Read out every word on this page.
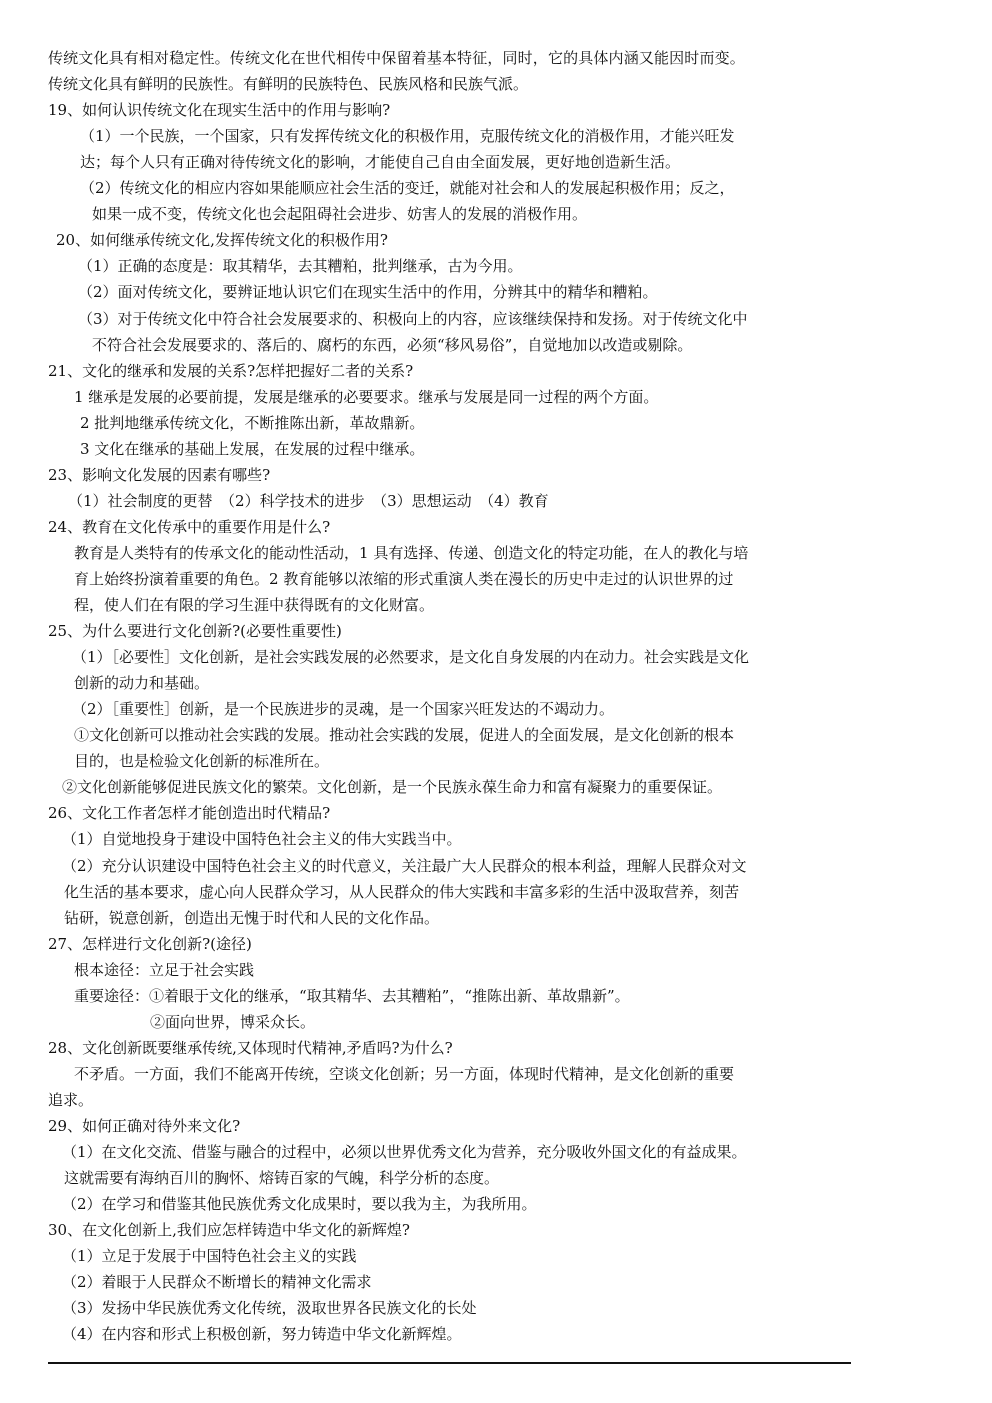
传统文化具有相对稳定性。传统文化在世代相传中保留着基本特征，同时，它的具体内涵又能因时而变。
传统文化具有鲜明的民族性。有鲜明的民族特色、民族风格和民族气派。
19、如何认识传统文化在现实生活中的作用与影响?
（1）一个民族，一个国家，只有发挥传统文化的积极作用，克服传统文化的消极作用，才能兴旺发
达；每个人只有正确对待传统文化的影响，才能使自己自由全面发展，更好地创造新生活。
（2）传统文化的相应内容如果能顺应社会生活的变迁，就能对社会和人的发展起积极作用；反之，
如果一成不变，传统文化也会起阻碍社会进步、妨害人的发展的消极作用。
20、如何继承传统文化,发挥传统文化的积极作用?
（1）正确的态度是：取其精华，去其糟粕，批判继承，古为今用。
（2）面对传统文化，要辨证地认识它们在现实生活中的作用，分辨其中的精华和糟粕。
（3）对于传统文化中符合社会发展要求的、积极向上的内容，应该继续保持和发扬。对于传统文化中
不符合社会发展要求的、落后的、腐朽的东西，必须“移风易俗”，自觉地加以改造或剔除。
21、文化的继承和发展的关系?怎样把握好二者的关系?
1 继承是发展的必要前提，发展是继承的必要要求。继承与发展是同一过程的两个方面。
2 批判地继承传统文化，不断推陈出新，革故鼎新。
3 文化在继承的基础上发展，在发展的过程中继承。
23、影响文化发展的因素有哪些?
（1）社会制度的更替　（2）科学技术的进步　（3）思想运动　（4）教育
24、教育在文化传承中的重要作用是什么?
教育是人类特有的传承文化的能动性活动，1 具有选择、传递、创造文化的特定功能，在人的教化与培
育上始终扮演着重要的角色。2 教育能够以浓缩的形式重演人类在漫长的历史中走过的认识世界的过
程，使人们在有限的学习生涯中获得既有的文化财富。
25、为什么要进行文化创新?(必要性重要性)
（1）［必要性］文化创新，是社会实践发展的必然要求，是文化自身发展的内在动力。社会实践是文化
创新的动力和基础。
（2）［重要性］创新，是一个民族进步的灵魂，是一个国家兴旺发达的不竭动力。
①文化创新可以推动社会实践的发展。推动社会实践的发展，促进人的全面发展，是文化创新的根本
目的，也是检验文化创新的标准所在。
②文化创新能够促进民族文化的繁荣。文化创新，是一个民族永葆生命力和富有凝聚力的重要保证。
26、文化工作者怎样才能创造出时代精品?
（1）自觉地投身于建设中国特色社会主义的伟大实践当中。
（2）充分认识建设中国特色社会主义的时代意义，关注最广大人民群众的根本利益，理解人民群众对文
化生活的基本要求，虚心向人民群众学习，从人民群众的伟大实践和丰富多彩的生活中汲取营养，刻苦
钻研，锐意创新，创造出无愧于时代和人民的文化作品。
27、怎样进行文化创新?(途径)
根本途径：立足于社会实践
重要途径：①着眼于文化的继承，“取其精华、去其糟粕”，“推陈出新、革故鼎新”。
②面向世界，博采众长。
28、文化创新既要继承传统,又体现时代精神,矛盾吗?为什么?
不矛盾。一方面，我们不能离开传统，空谈文化创新；另一方面，体现时代精神，是文化创新的重要
追求。
29、如何正确对待外来文化?
（1）在文化交流、借鉴与融合的过程中，必须以世界优秀文化为营养，充分吸收外国文化的有益成果。
这就需要有海纳百川的胸怀、熔铸百家的气魄，科学分析的态度。
（2）在学习和借鉴其他民族优秀文化成果时，要以我为主，为我所用。
30、在文化创新上,我们应怎样铸造中华文化的新辉煌?
（1）立足于发展于中国特色社会主义的实践
（2）着眼于人民群众不断增长的精神文化需求
（3）发扬中华民族优秀文化传统，汲取世界各民族文化的长处
（4）在内容和形式上积极创新，努力铸造中华文化新辉煌。
